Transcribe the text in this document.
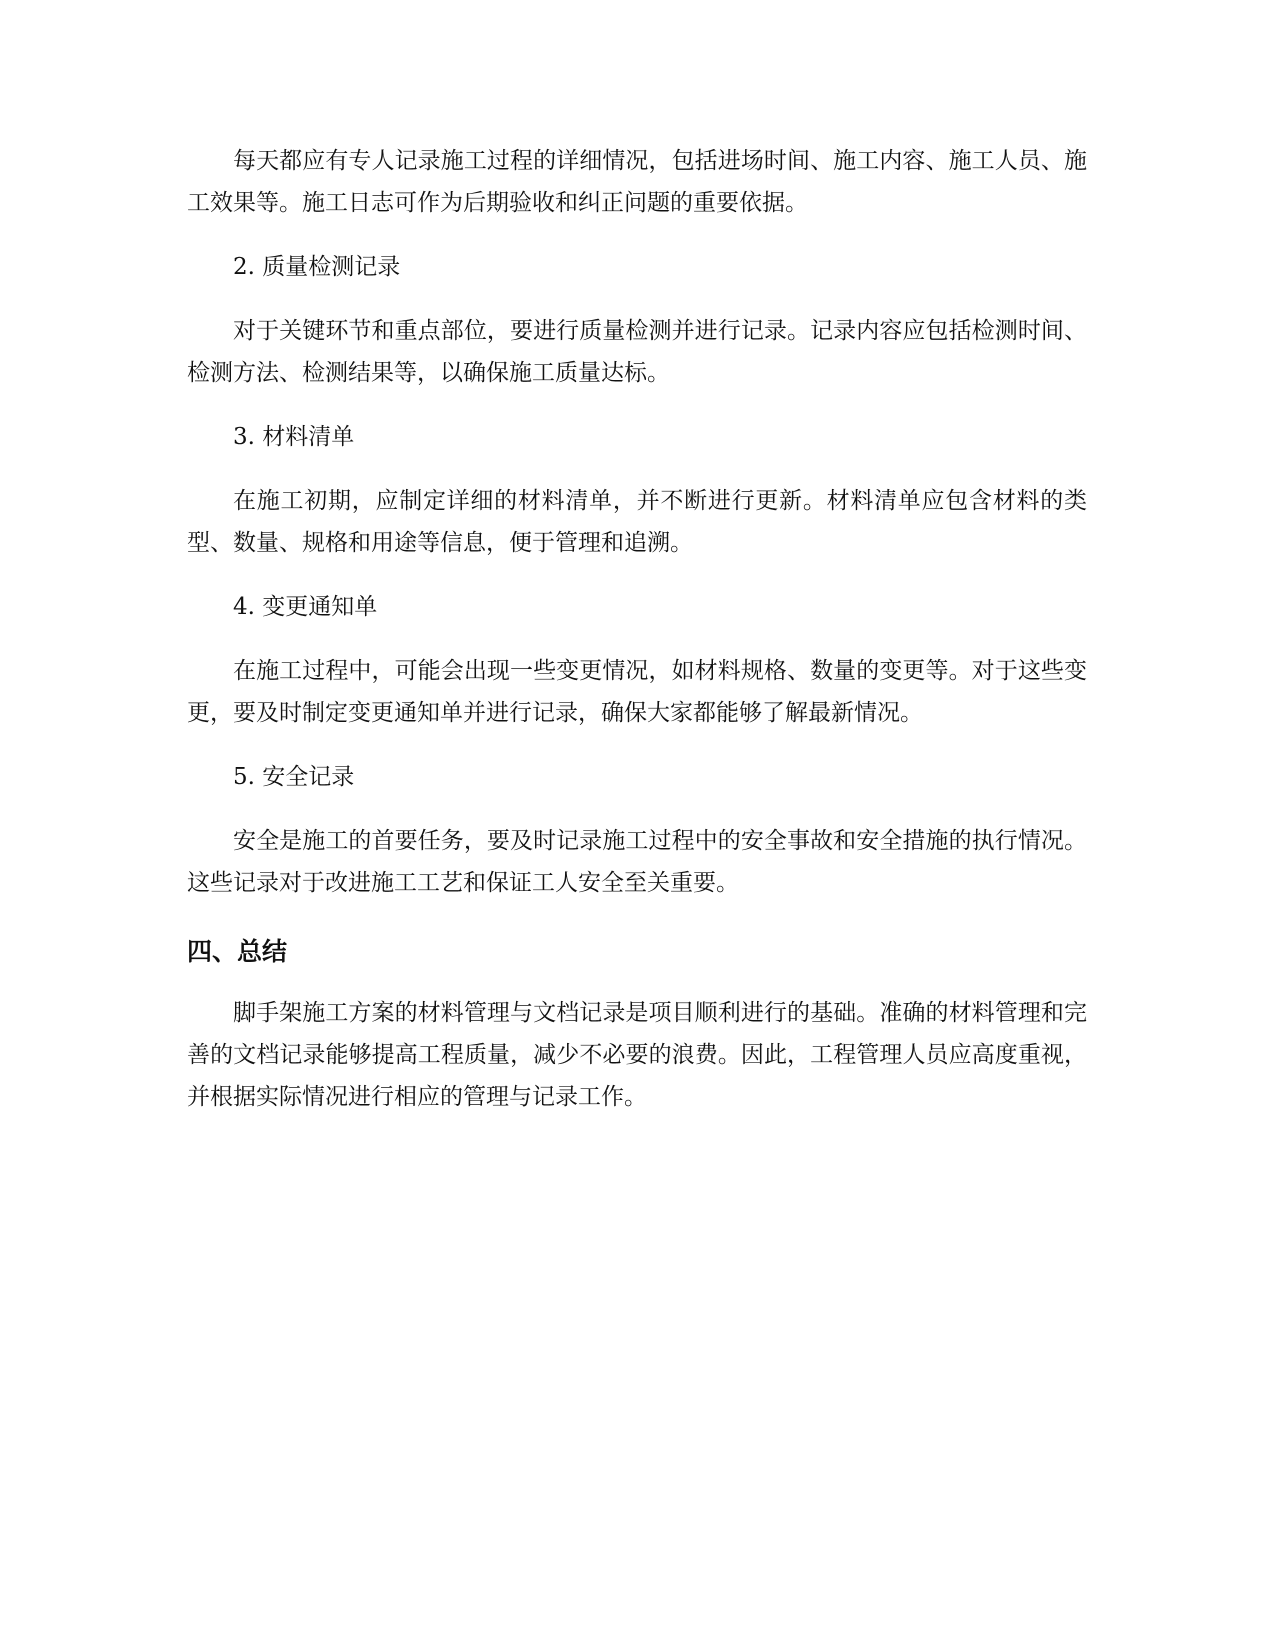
每天都应有专人记录施工过程的详细情况，包括进场时间、施工内容、施工人员、施工效果等。施工日志可作为后期验收和纠正问题的重要依据。

2. 质量检测记录

对于关键环节和重点部位，要进行质量检测并进行记录。记录内容应包括检测时间、检测方法、检测结果等，以确保施工质量达标。

3. 材料清单

在施工初期，应制定详细的材料清单，并不断进行更新。材料清单应包含材料的类型、数量、规格和用途等信息，便于管理和追溯。

4. 变更通知单

在施工过程中，可能会出现一些变更情况，如材料规格、数量的变更等。对于这些变更，要及时制定变更通知单并进行记录，确保大家都能够了解最新情况。

5. 安全记录

安全是施工的首要任务，要及时记录施工过程中的安全事故和安全措施的执行情况。这些记录对于改进施工工艺和保证工人安全至关重要。

四、总结

脚手架施工方案的材料管理与文档记录是项目顺利进行的基础。准确的材料管理和完善的文档记录能够提高工程质量，减少不必要的浪费。因此，工程管理人员应高度重视，并根据实际情况进行相应的管理与记录工作。
